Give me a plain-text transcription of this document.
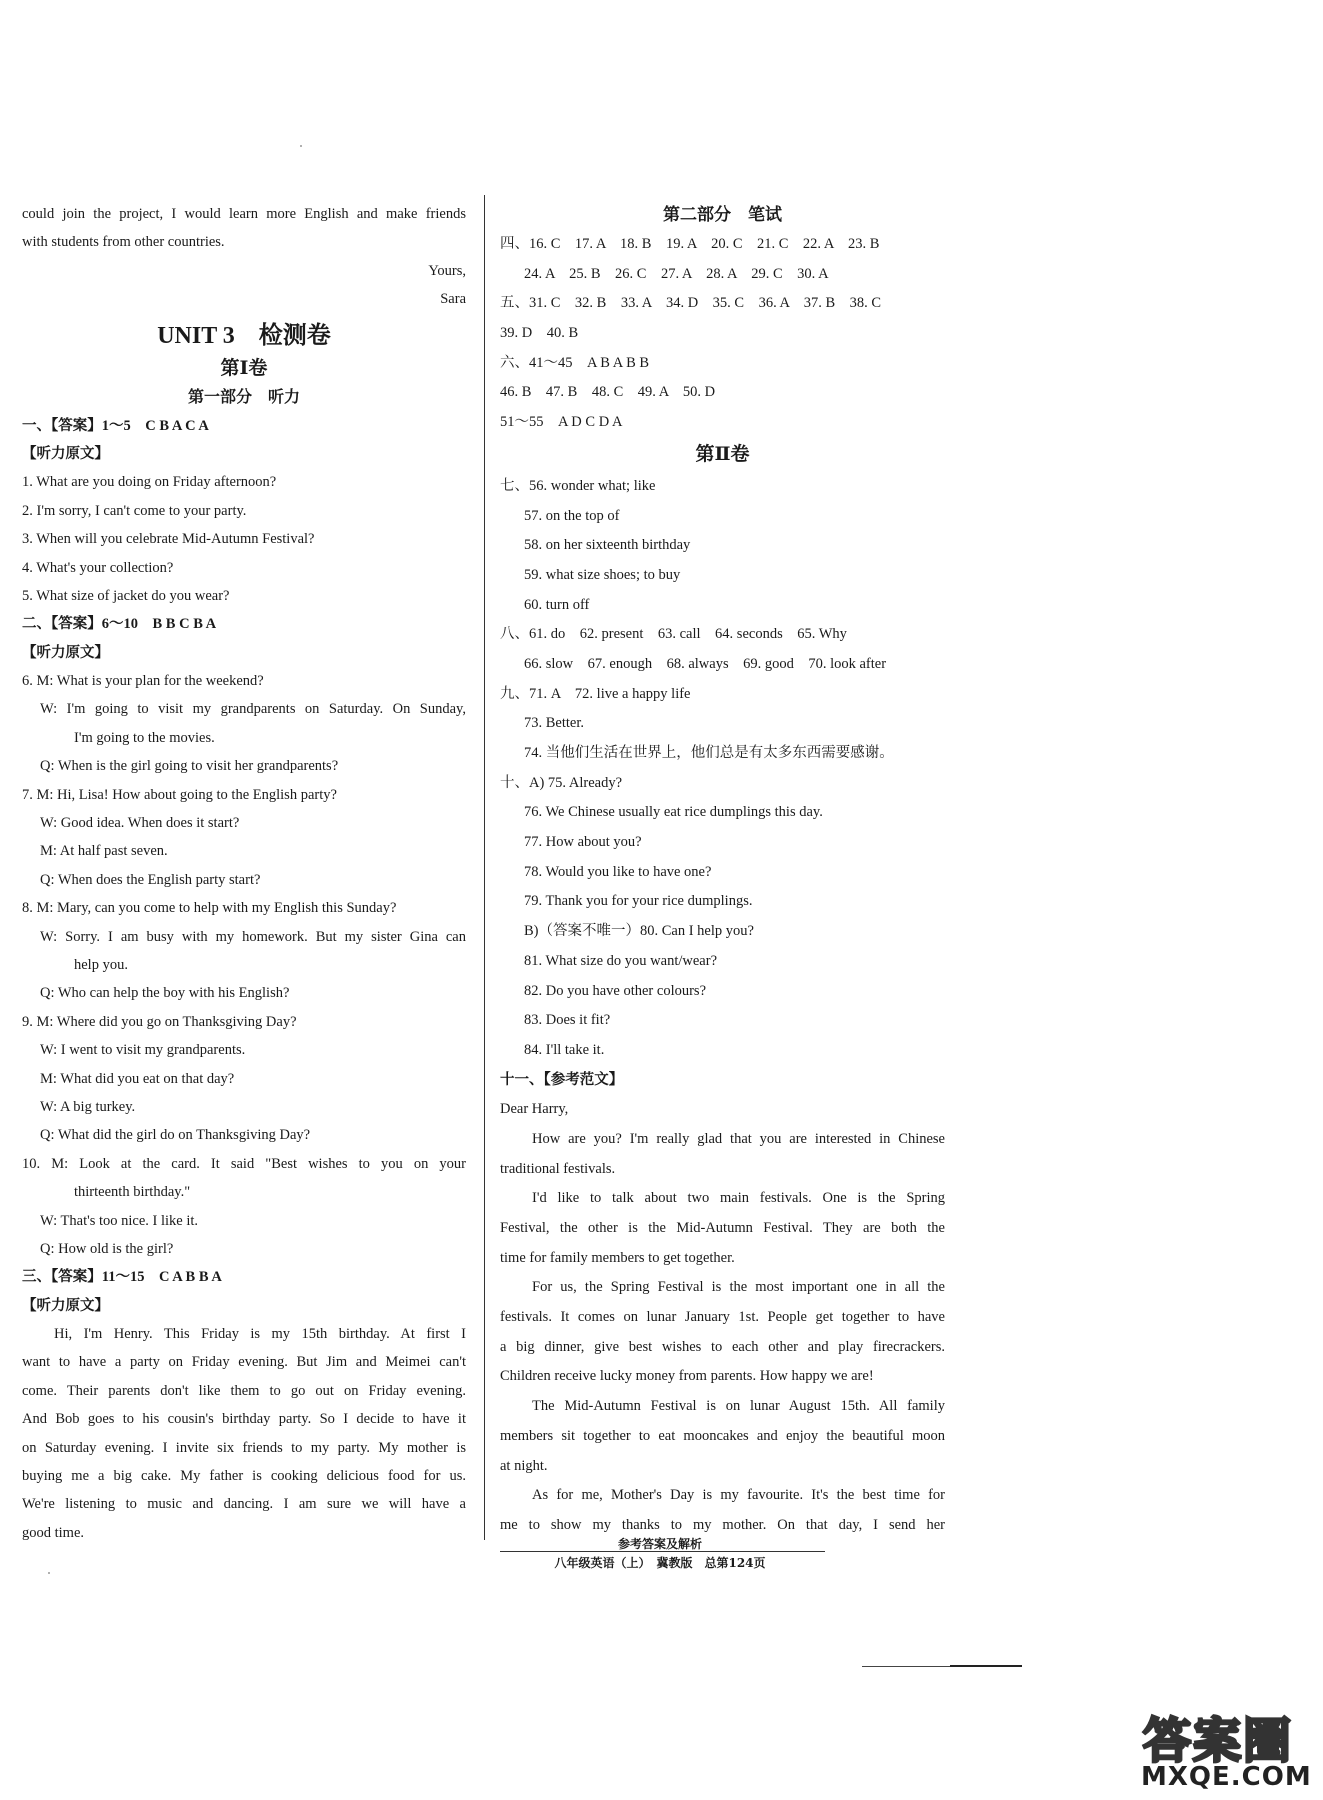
could join the project, I would learn more English and make friends
with students from other countries.
Yours,
Sara
UNIT 3　检测卷
第Ⅰ卷
第一部分　听力
一、【答案】1～5　C B A C A
【听力原文】
1. What are you doing on Friday afternoon?
2. I'm sorry, I can't come to your party.
3. When will you celebrate Mid-Autumn Festival?
4. What's your collection?
5. What size of jacket do you wear?
二、【答案】6～10　B B C B A
【听力原文】
6. M: What is your plan for the weekend?
W: I'm going to visit my grandparents on Saturday. On Sunday,
I'm going to the movies.
Q: When is the girl going to visit her grandparents?
7. M: Hi, Lisa! How about going to the English party?
W: Good idea. When does it start?
M: At half past seven.
Q: When does the English party start?
8. M: Mary, can you come to help with my English this Sunday?
W: Sorry. I am busy with my homework. But my sister Gina can
help you.
Q: Who can help the boy with his English?
9. M: Where did you go on Thanksgiving Day?
W: I went to visit my grandparents.
M: What did you eat on that day?
W: A big turkey.
Q: What did the girl do on Thanksgiving Day?
10. M: Look at the card. It said "Best wishes to you on your
thirteenth birthday."
W: That's too nice. I like it.
Q: How old is the girl?
三、【答案】11～15　C A B B A
【听力原文】
Hi, I'm Henry. This Friday is my 15th birthday. At first I
want to have a party on Friday evening. But Jim and Meimei can't
come. Their parents don't like them to go out on Friday evening.
And Bob goes to his cousin's birthday party. So I decide to have it
on Saturday evening. I invite six friends to my party. My mother is
buying me a big cake. My father is cooking delicious food for us.
We're listening to music and dancing. I am sure we will have a
good time.
第二部分　笔试
四、16. C　17. A　18. B　19. A　20. C　21. C　22. A　23. B
24. A　25. B　26. C　27. A　28. A　29. C　30. A
五、31. C　32. B　33. A　34. D　35. C　36. A　37. B　38. C
39. D　40. B
六、41～45　A B A B B
46. B　47. B　48. C　49. A　50. D
51～55　A D C D A
第Ⅱ卷
七、56. wonder what; like
57. on the top of
58. on her sixteenth birthday
59. what size shoes; to buy
60. turn off
八、61. do　62. present　63. call　64. seconds　65. Why
66. slow　67. enough　68. always　69. good　70. look after
九、71. A　72. live a happy life
73. Better.
74. 当他们生活在世界上，他们总是有太多东西需要感谢。
十、A) 75. Already?
76. We Chinese usually eat rice dumplings this day.
77. How about you?
78. Would you like to have one?
79. Thank you for your rice dumplings.
B)（答案不唯一）80. Can I help you?
81. What size do you want/wear?
82. Do you have other colours?
83. Does it fit?
84. I'll take it.
十一、【参考范文】
Dear Harry,
How are you? I'm really glad that you are interested in Chinese
traditional festivals.
I'd like to talk about two main festivals. One is the Spring
Festival, the other is the Mid-Autumn Festival. They are both the
time for family members to get together.
For us, the Spring Festival is the most important one in all the
festivals. It comes on lunar January 1st. People get together to have
a big dinner, give best wishes to each other and play firecrackers.
Children receive lucky money from parents. How happy we are!
The Mid-Autumn Festival is on lunar August 15th. All family
members sit together to eat mooncakes and enjoy the beautiful moon
at night.
As for me, Mother's Day is my favourite. It's the best time for
me to show my thanks to my mother. On that day, I send her
参考答案及解析
八年级英语（上）　冀教版　总第124页
答案圈
MXQE.COM
